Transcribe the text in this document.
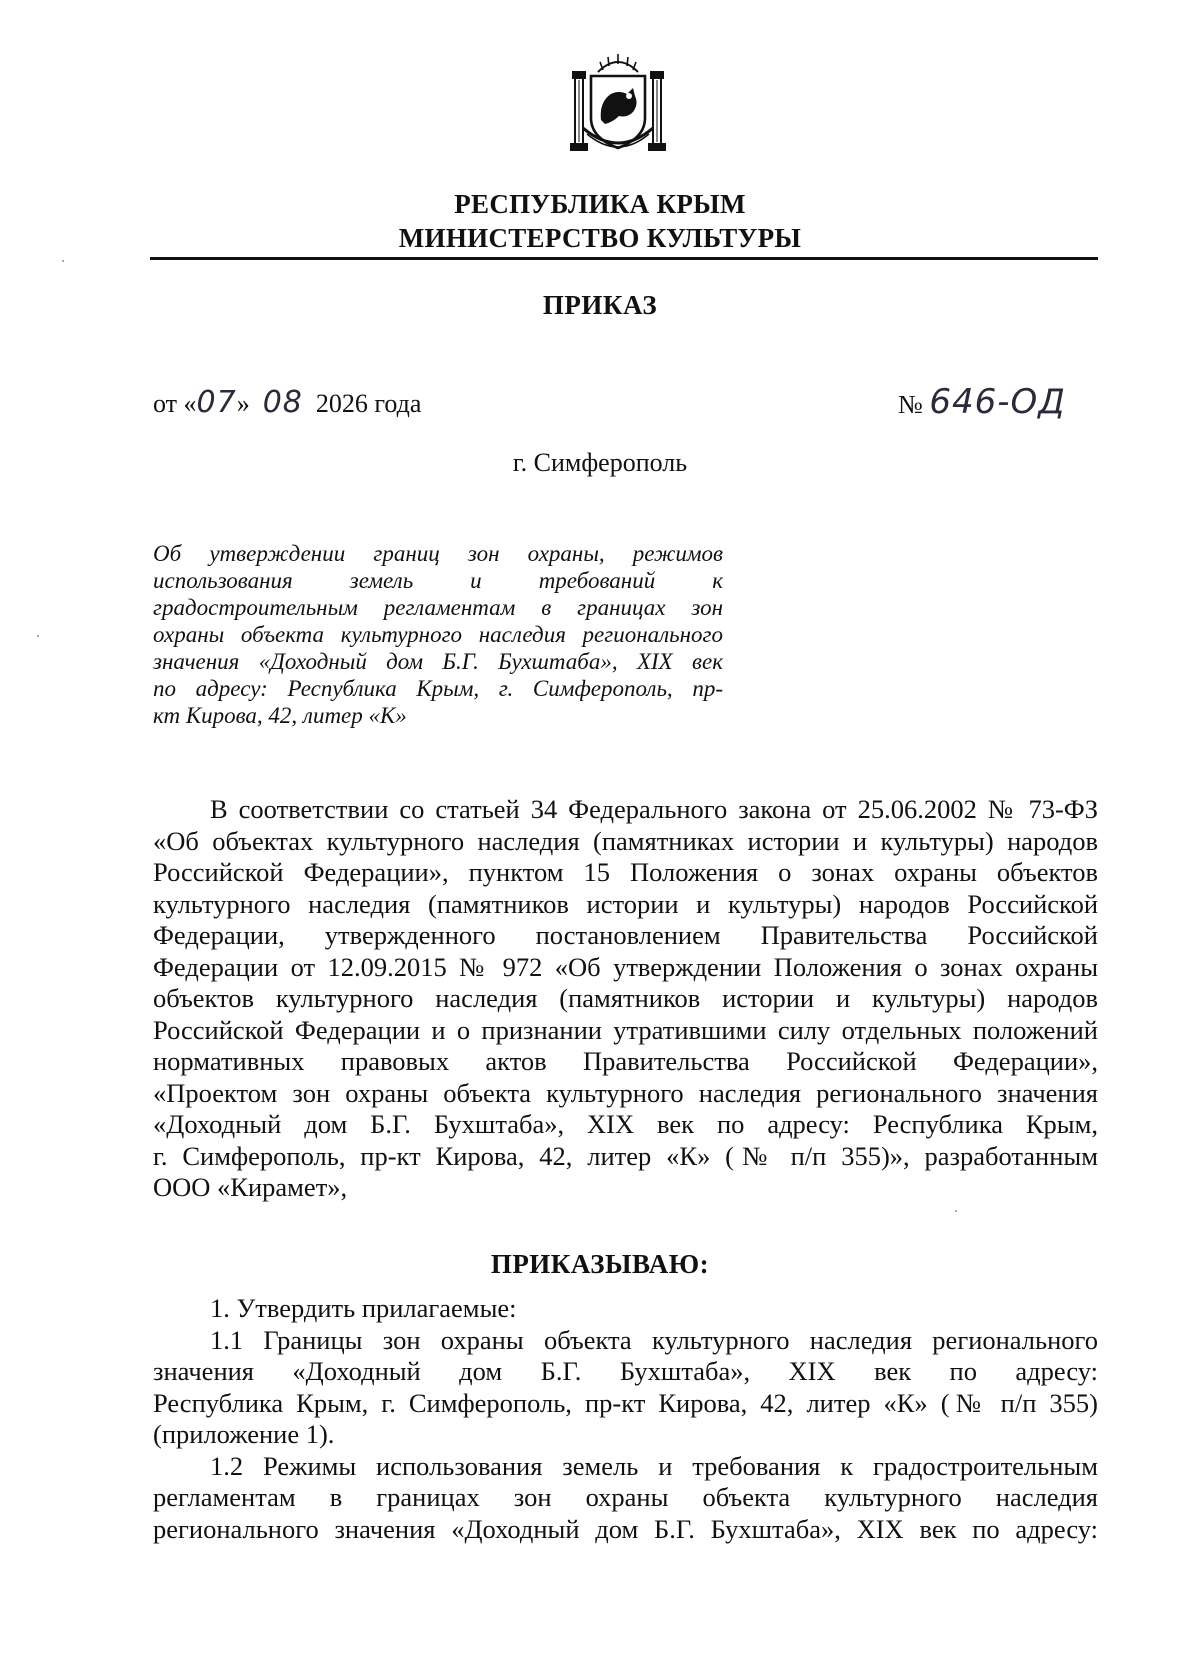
РЕСПУБЛИКА КРЫМ
МИНИСТЕРСТВО КУЛЬТУРЫ
ПРИКАЗ
от «07» 08 2026 года	№ 646-ОД
г. Симферополь
Об утверждении границ зон охраны, режимов
использования земель и требований к
градостроительным регламентам в границах зон
охраны объекта культурного наследия регионального
значения «Доходный дом Б.Г. Бухштаба», XIX век
по адресу: Республика Крым, г. Симферополь, пр-
кт Кирова, 42, литер «К»
В соответствии со статьей 34 Федерального закона от 25.06.2002 № 73-ФЗ
«Об объектах культурного наследия (памятниках истории и культуры) народов
Российской Федерации», пунктом 15 Положения о зонах охраны объектов
культурного наследия (памятников истории и культуры) народов Российской
Федерации, утвержденного постановлением Правительства Российской
Федерации от 12.09.2015 № 972 «Об утверждении Положения о зонах охраны
объектов культурного наследия (памятников истории и культуры) народов
Российской Федерации и о признании утратившими силу отдельных положений
нормативных правовых актов Правительства Российской Федерации»,
«Проектом зон охраны объекта культурного наследия регионального значения
«Доходный дом Б.Г. Бухштаба», XIX век по адресу: Республика Крым,
г. Симферополь, пр-кт Кирова, 42, литер «К» (№ п/п 355)», разработанным
ООО «Кирамет»,
ПРИКАЗЫВАЮ:
1. Утвердить прилагаемые:
1.1 Границы зон охраны объекта культурного наследия регионального
значения «Доходный дом Б.Г. Бухштаба», XIX век по адресу:
Республика Крым, г. Симферополь, пр-кт Кирова, 42, литер «К» (№ п/п 355)
(приложение 1).
1.2 Режимы использования земель и требования к градостроительным
регламентам в границах зон охраны объекта культурного наследия
регионального значения «Доходный дом Б.Г. Бухштаба», XIX век по адресу:
